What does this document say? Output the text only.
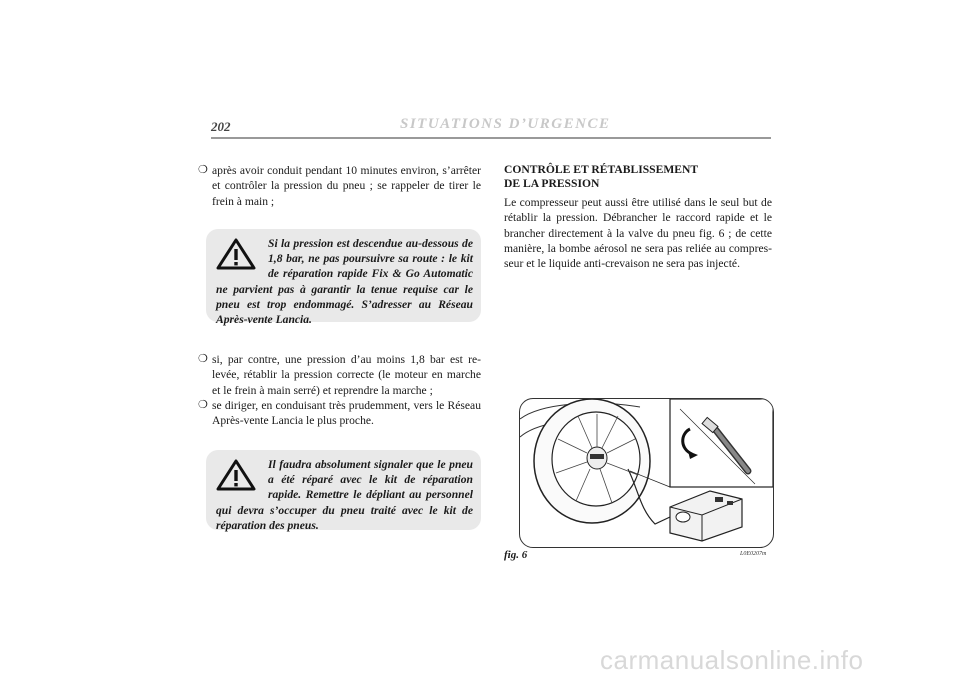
202	SITUATIONS D’URGENCE
❍ après avoir conduit pendant 10 minutes environ, s’arrêter et contrôler la pression du pneu ; se rappeler de tirer le frein à main ;
Si la pression est descendue au-dessous de 1,8 bar, ne pas poursuivre sa route : le kit de réparation rapide Fix & Go Automatic ne parvient pas à garantir la tenue requise car le pneu est trop endommagé. S’adresser au Réseau Après-vente Lancia.
❍ si, par contre, une pression d’au moins 1,8 bar est relevée, rétablir la pression correcte (le moteur en marche et le frein à main serré) et reprendre la marche ;
❍ se diriger, en conduisant très prudemment, vers le Réseau Après-vente Lancia le plus proche.
Il faudra absolument signaler que le pneu a été réparé avec le kit de réparation rapide. Remettre le dépliant au personnel qui devra s’occuper du pneu traité avec le kit de réparation des pneus.
CONTRÔLE ET RÉTABLISSEMENT
DE LA PRESSION
Le compresseur peut aussi être utilisé dans le seul but de rétablir la pression. Débrancher le raccord rapide et le brancher directement à la valve du pneu fig. 6 ; de cette manière, la bombe aérosol ne sera pas reliée au compresseur et le liquide anti-crevaison ne sera pas injecté.
fig. 6	L0E0207m
carmanualsonline.info
